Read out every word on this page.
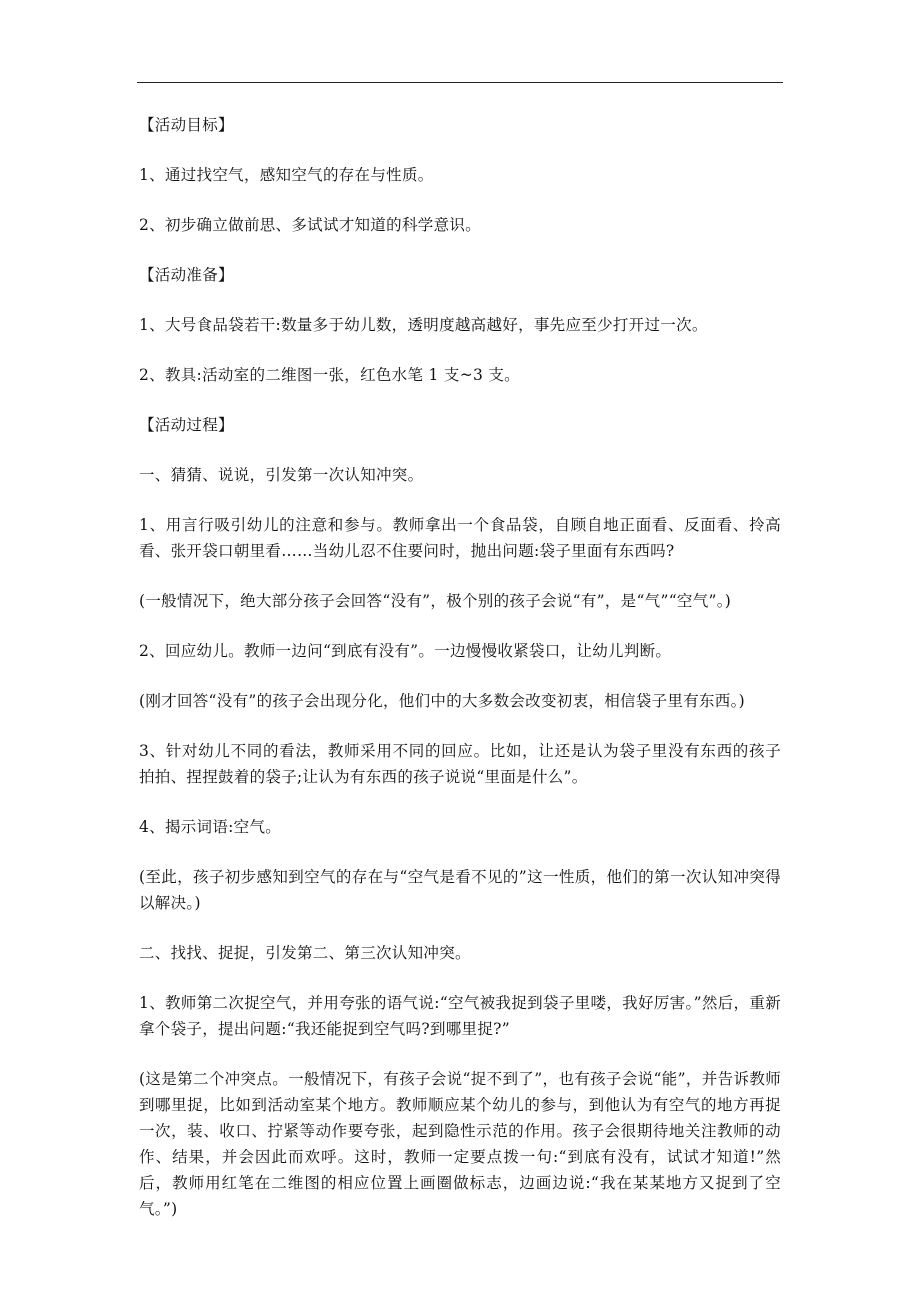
【活动目标】

1、通过找空气，感知空气的存在与性质。

2、初步确立做前思、多试试才知道的科学意识。

【活动准备】

1、大号食品袋若干:数量多于幼儿数，透明度越高越好，事先应至少打开过一次。

2、教具:活动室的二维图一张，红色水笔 1 支~3 支。

【活动过程】

一、猜猜、说说，引发第一次认知冲突。

1、用言行吸引幼儿的注意和参与。教师拿出一个食品袋，自顾自地正面看、反面看、拎高看、张开袋口朝里看……当幼儿忍不住要问时，抛出问题:袋子里面有东西吗?

(一般情况下，绝大部分孩子会回答“没有”，极个别的孩子会说“有”，是“气”“空气”。)

2、回应幼儿。教师一边问“到底有没有”。一边慢慢收紧袋口，让幼儿判断。

(刚才回答“没有”的孩子会出现分化，他们中的大多数会改变初衷，相信袋子里有东西。)

3、针对幼儿不同的看法，教师采用不同的回应。比如，让还是认为袋子里没有东西的孩子拍拍、捏捏鼓着的袋子;让认为有东西的孩子说说“里面是什么”。

4、揭示词语:空气。

(至此，孩子初步感知到空气的存在与“空气是看不见的”这一性质，他们的第一次认知冲突得以解决。)

二、找找、捉捉，引发第二、第三次认知冲突。

1、教师第二次捉空气，并用夸张的语气说:“空气被我捉到袋子里喽，我好厉害。”然后，重新拿个袋子，提出问题:“我还能捉到空气吗?到哪里捉?”

(这是第二个冲突点。一般情况下，有孩子会说“捉不到了”，也有孩子会说“能”，并告诉教师到哪里捉，比如到活动室某个地方。教师顺应某个幼儿的参与，到他认为有空气的地方再捉一次，装、收口、拧紧等动作要夸张，起到隐性示范的作用。孩子会很期待地关注教师的动作、结果，并会因此而欢呼。这时，教师一定要点拨一句:“到底有没有，试试才知道!”然后，教师用红笔在二维图的相应位置上画圈做标志，边画边说:“我在某某地方又捉到了空气。”)
